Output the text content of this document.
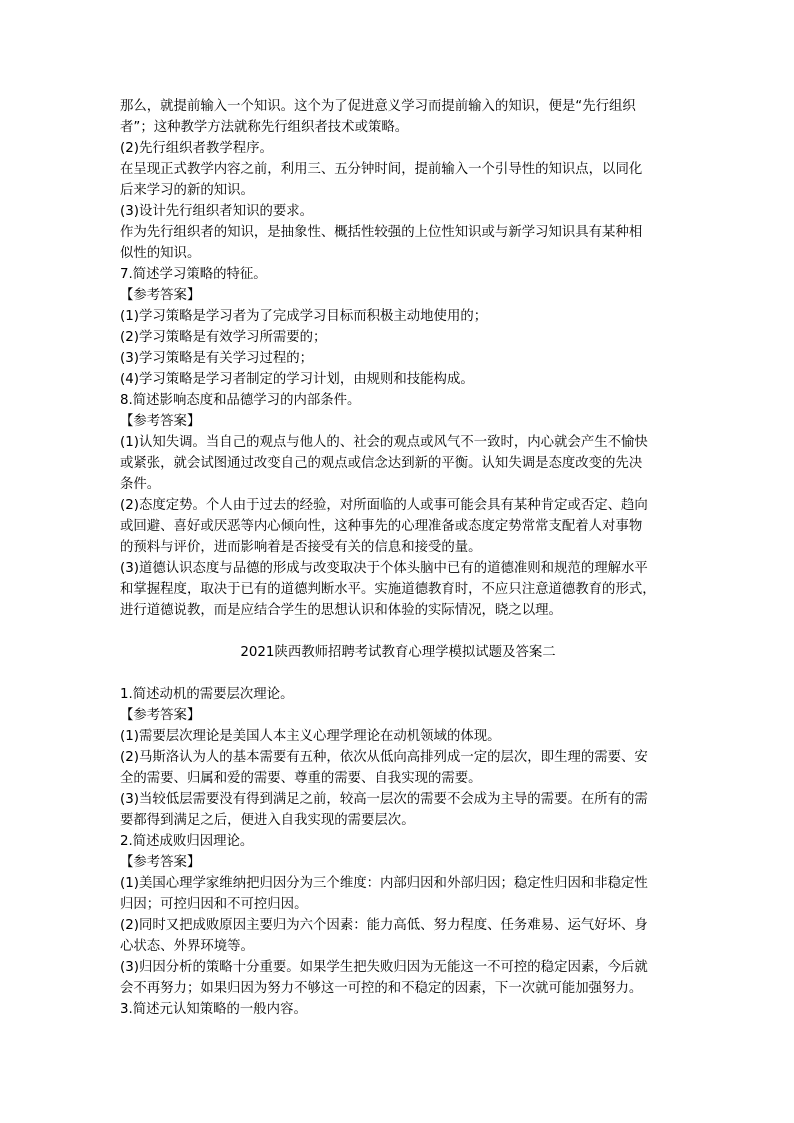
那么，就提前输入一个知识。这个为了促进意义学习而提前输入的知识，便是“先行组织
者”；这种教学方法就称先行组织者技术或策略。
(2)先行组织者教学程序。
在呈现正式教学内容之前，利用三、五分钟时间，提前输入一个引导性的知识点，以同化
后来学习的新的知识。
(3)设计先行组织者知识的要求。
作为先行组织者的知识，是抽象性、概括性较强的上位性知识或与新学习知识具有某种相
似性的知识。
7.简述学习策略的特征。
【参考答案】
(1)学习策略是学习者为了完成学习目标而积极主动地使用的；
(2)学习策略是有效学习所需要的；
(3)学习策略是有关学习过程的；
(4)学习策略是学习者制定的学习计划，由规则和技能构成。
8.简述影响态度和品德学习的内部条件。
【参考答案】
(1)认知失调。当自己的观点与他人的、社会的观点或风气不一致时，内心就会产生不愉快
或紧张，就会试图通过改变自己的观点或信念达到新的平衡。认知失调是态度改变的先决
条件。
(2)态度定势。个人由于过去的经验，对所面临的人或事可能会具有某种肯定或否定、趋向
或回避、喜好或厌恶等内心倾向性，这种事先的心理准备或态度定势常常支配着人对事物
的预料与评价，进而影响着是否接受有关的信息和接受的量。
(3)道德认识态度与品德的形成与改变取决于个体头脑中已有的道德准则和规范的理解水平
和掌握程度，取决于已有的道德判断水平。实施道德教育时，不应只注意道德教育的形式，
进行道德说教，而是应结合学生的思想认识和体验的实际情况，晓之以理。
2021陕西教师招聘考试教育心理学模拟试题及答案二
1.简述动机的需要层次理论。
【参考答案】
(1)需要层次理论是美国人本主义心理学理论在动机领域的体现。
(2)马斯洛认为人的基本需要有五种，依次从低向高排列成一定的层次，即生理的需要、安
全的需要、归属和爱的需要、尊重的需要、自我实现的需要。
(3)当较低层需要没有得到满足之前，较高一层次的需要不会成为主导的需要。在所有的需
要都得到满足之后，便进入自我实现的需要层次。
2.简述成败归因理论。
【参考答案】
(1)美国心理学家维纳把归因分为三个维度：内部归因和外部归因；稳定性归因和非稳定性
归因；可控归因和不可控归因。
(2)同时又把成败原因主要归为六个因素：能力高低、努力程度、任务难易、运气好坏、身
心状态、外界环境等。
(3)归因分析的策略十分重要。如果学生把失败归因为无能这一不可控的稳定因素，今后就
会不再努力；如果归因为努力不够这一可控的和不稳定的因素，下一次就可能加强努力。
3.简述元认知策略的一般内容。
